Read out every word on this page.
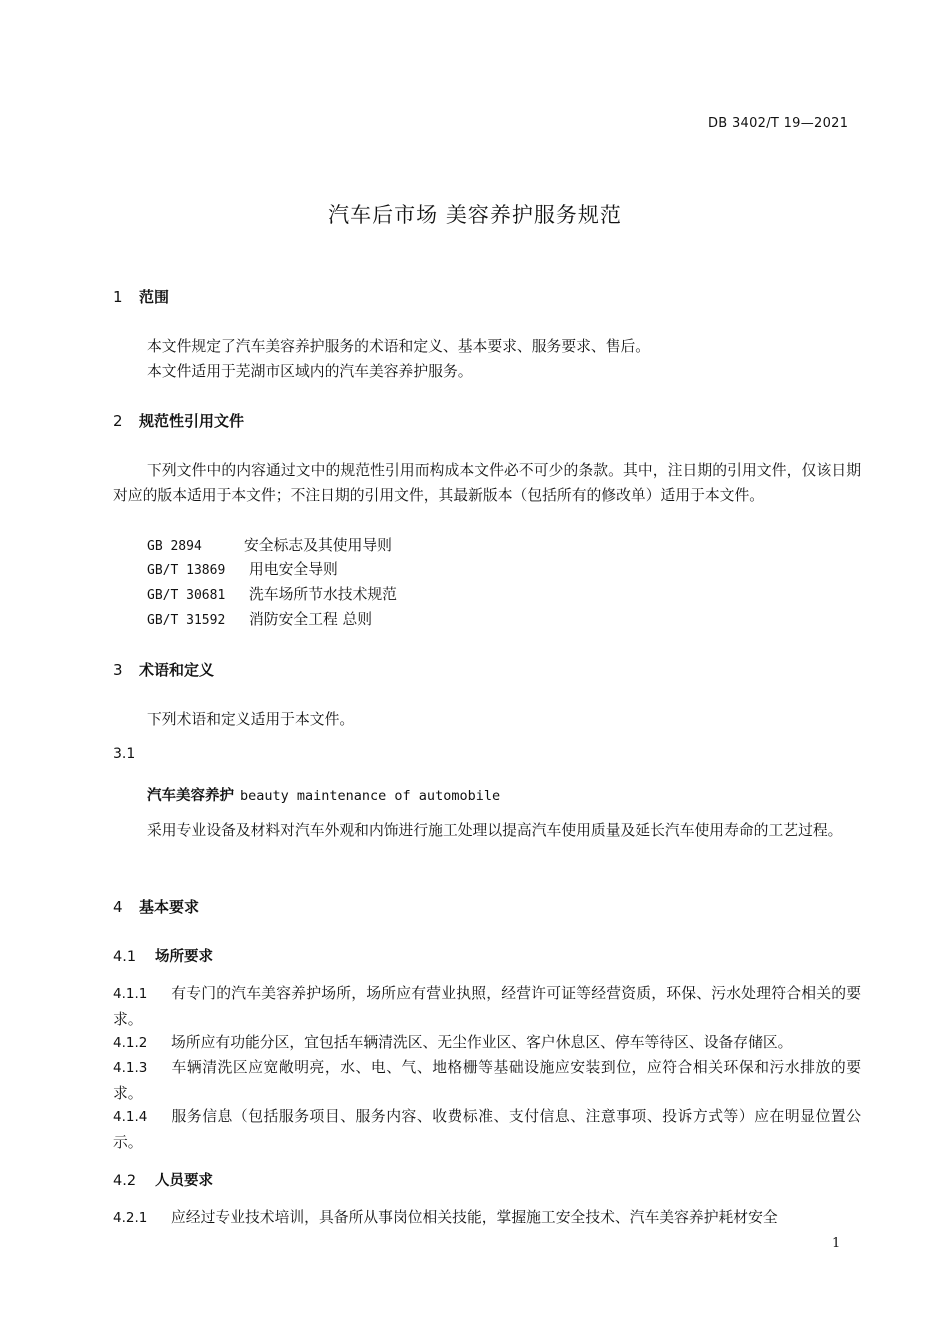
DB 3402/T 19—2021
汽车后市场 美容养护服务规范
1 范围
本文件规定了汽车美容养护服务的术语和定义、基本要求、服务要求、售后。
本文件适用于芜湖市区域内的汽车美容养护服务。
2 规范性引用文件
下列文件中的内容通过文中的规范性引用而构成本文件必不可少的条款。其中，注日期的引用文件，仅该日期对应的版本适用于本文件；不注日期的引用文件，其最新版本（包括所有的修改单）适用于本文件。
GB 2894	安全标志及其使用导则
GB/T 13869 用电安全导则
GB/T 30681 洗车场所节水技术规范
GB/T 31592 消防安全工程 总则
3 术语和定义
下列术语和定义适用于本文件。
3.1
汽车美容养护 beauty maintenance of automobile
采用专业设备及材料对汽车外观和内饰进行施工处理以提高汽车使用质量及延长汽车使用寿命的工艺过程。
4 基本要求
4.1 场所要求
4.1.1 有专门的汽车美容养护场所，场所应有营业执照，经营许可证等经营资质，环保、污水处理符合相关的要求。
4.1.2 场所应有功能分区，宜包括车辆清洗区、无尘作业区、客户休息区、停车等待区、设备存储区。
4.1.3 车辆清洗区应宽敞明亮，水、电、气、地格栅等基础设施应安装到位，应符合相关环保和污水排放的要求。
4.1.4 服务信息（包括服务项目、服务内容、收费标准、支付信息、注意事项、投诉方式等）应在明显位置公示。
4.2 人员要求
4.2.1 应经过专业技术培训，具备所从事岗位相关技能，掌握施工安全技术、汽车美容养护耗材安全
1
